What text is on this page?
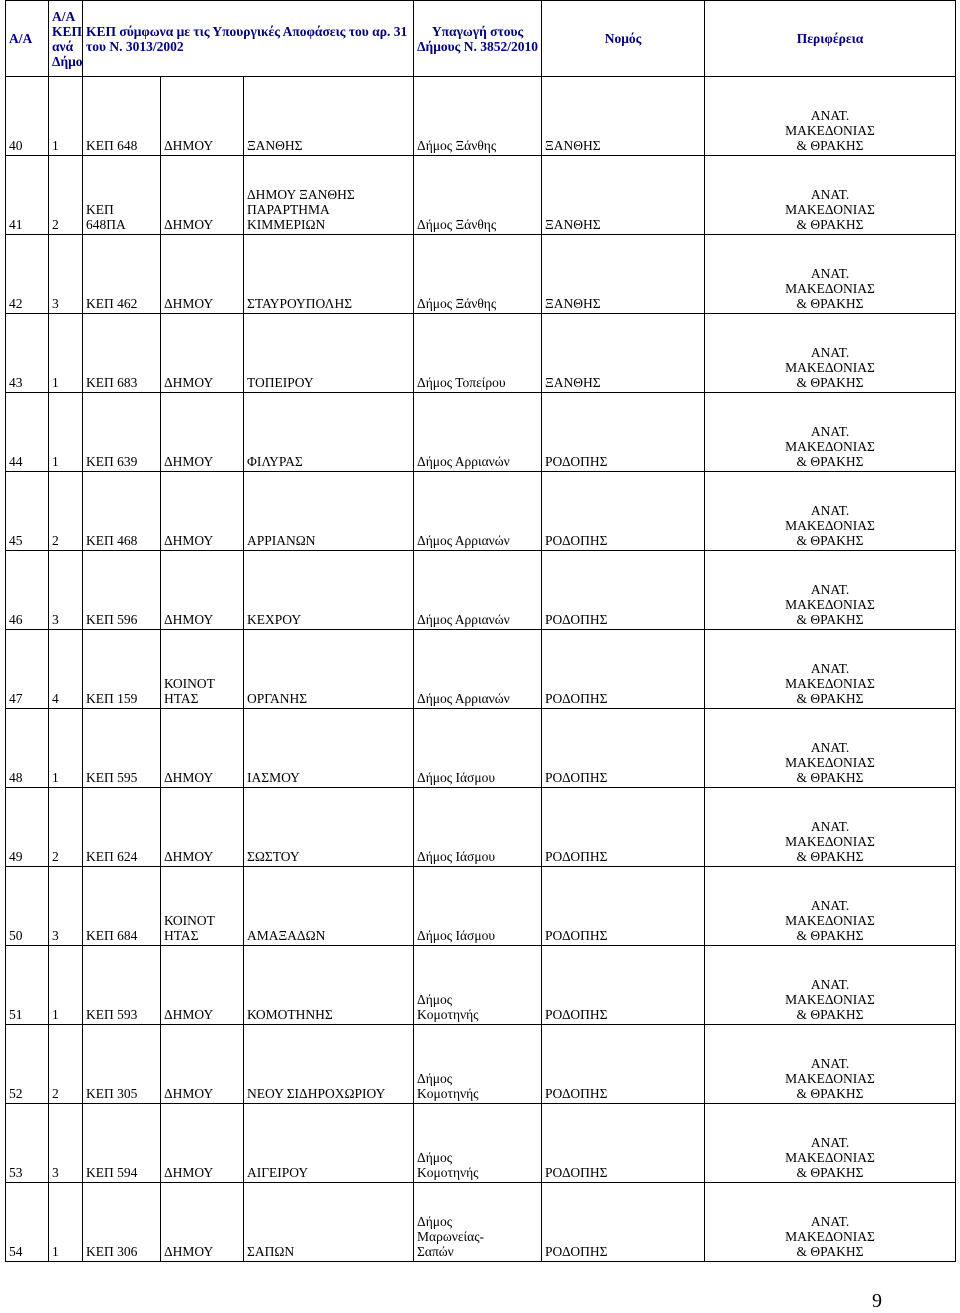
Α/Α	Α/Α
ΚΕΠ
ανά
Δήμο	ΚΕΠ σύμφωνα με τις Υπουργικές Αποφάσεις του αρ. 31 του Ν. 3013/2002			Υπαγωγή στους Δήμους Ν. 3852/2010	Νομός	Περιφέρεια
40	1	ΚΕΠ 648	ΔΗΜΟΥ	ΞΑΝΘΗΣ	Δήμος Ξάνθης	ΞΑΝΘΗΣ	ΑΝΑΤ.
ΜΑΚΕΔΟΝΙΑΣ
& ΘΡΑΚΗΣ
41	2	ΚΕΠ
648ΠΑ	ΔΗΜΟΥ	ΔΗΜΟΥ ΞΑΝΘΗΣ
ΠΑΡΑΡΤΗΜΑ
ΚΙΜΜΕΡΙΩΝ	Δήμος Ξάνθης	ΞΑΝΘΗΣ	ΑΝΑΤ.
ΜΑΚΕΔΟΝΙΑΣ
& ΘΡΑΚΗΣ
42	3	ΚΕΠ 462	ΔΗΜΟΥ	ΣΤΑΥΡΟΥΠΟΛΗΣ	Δήμος Ξάνθης	ΞΑΝΘΗΣ	ΑΝΑΤ.
ΜΑΚΕΔΟΝΙΑΣ
& ΘΡΑΚΗΣ
43	1	ΚΕΠ 683	ΔΗΜΟΥ	ΤΟΠΕΙΡΟΥ	Δήμος Τοπείρου	ΞΑΝΘΗΣ	ΑΝΑΤ.
ΜΑΚΕΔΟΝΙΑΣ
& ΘΡΑΚΗΣ
44	1	ΚΕΠ 639	ΔΗΜΟΥ	ΦΙΛΥΡΑΣ	Δήμος Αρριανών	ΡΟΔΟΠΗΣ	ΑΝΑΤ.
ΜΑΚΕΔΟΝΙΑΣ
& ΘΡΑΚΗΣ
45	2	ΚΕΠ 468	ΔΗΜΟΥ	ΑΡΡΙΑΝΩΝ	Δήμος Αρριανών	ΡΟΔΟΠΗΣ	ΑΝΑΤ.
ΜΑΚΕΔΟΝΙΑΣ
& ΘΡΑΚΗΣ
46	3	ΚΕΠ 596	ΔΗΜΟΥ	ΚΕΧΡΟΥ	Δήμος Αρριανών	ΡΟΔΟΠΗΣ	ΑΝΑΤ.
ΜΑΚΕΔΟΝΙΑΣ
& ΘΡΑΚΗΣ
47	4	ΚΕΠ 159	ΚΟΙΝΟΤ
ΗΤΑΣ	ΟΡΓΑΝΗΣ	Δήμος Αρριανών	ΡΟΔΟΠΗΣ	ΑΝΑΤ.
ΜΑΚΕΔΟΝΙΑΣ
& ΘΡΑΚΗΣ
48	1	ΚΕΠ 595	ΔΗΜΟΥ	ΙΑΣΜΟΥ	Δήμος Ιάσμου	ΡΟΔΟΠΗΣ	ΑΝΑΤ.
ΜΑΚΕΔΟΝΙΑΣ
& ΘΡΑΚΗΣ
49	2	ΚΕΠ 624	ΔΗΜΟΥ	ΣΩΣΤΟΥ	Δήμος Ιάσμου	ΡΟΔΟΠΗΣ	ΑΝΑΤ.
ΜΑΚΕΔΟΝΙΑΣ
& ΘΡΑΚΗΣ
50	3	ΚΕΠ 684	ΚΟΙΝΟΤ
ΗΤΑΣ	ΑΜΑΞΑΔΩΝ	Δήμος Ιάσμου	ΡΟΔΟΠΗΣ	ΑΝΑΤ.
ΜΑΚΕΔΟΝΙΑΣ
& ΘΡΑΚΗΣ
51	1	ΚΕΠ 593	ΔΗΜΟΥ	ΚΟΜΟΤΗΝΗΣ	Δήμος
Κομοτηνής	ΡΟΔΟΠΗΣ	ΑΝΑΤ.
ΜΑΚΕΔΟΝΙΑΣ
& ΘΡΑΚΗΣ
52	2	ΚΕΠ 305	ΔΗΜΟΥ	ΝΕΟΥ ΣΙΔΗΡΟΧΩΡΙΟΥ	Δήμος
Κομοτηνής	ΡΟΔΟΠΗΣ	ΑΝΑΤ.
ΜΑΚΕΔΟΝΙΑΣ
& ΘΡΑΚΗΣ
53	3	ΚΕΠ 594	ΔΗΜΟΥ	ΑΙΓΕΙΡΟΥ	Δήμος
Κομοτηνής	ΡΟΔΟΠΗΣ	ΑΝΑΤ.
ΜΑΚΕΔΟΝΙΑΣ
& ΘΡΑΚΗΣ
54	1	ΚΕΠ 306	ΔΗΜΟΥ	ΣΑΠΩΝ	Δήμος
Μαρωνείας-
Σαπών	ΡΟΔΟΠΗΣ	ΑΝΑΤ.
ΜΑΚΕΔΟΝΙΑΣ
& ΘΡΑΚΗΣ
9
